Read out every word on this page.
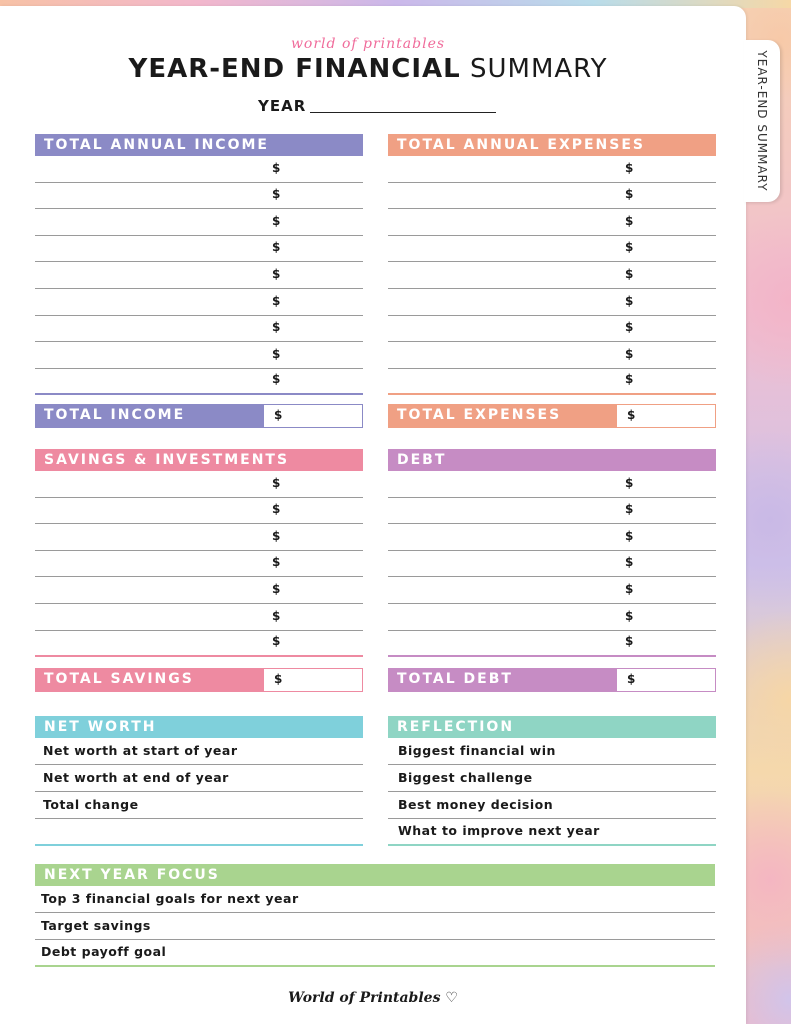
YEAR-END SUMMARY
world of printables
YEAR-END FINANCIAL SUMMARY
YEAR
TOTAL ANNUAL INCOME
$
$
$
$
$
$
$
$
$
TOTAL INCOME	$
TOTAL ANNUAL EXPENSES
$
$
$
$
$
$
$
$
$
TOTAL EXPENSES	$
SAVINGS & INVESTMENTS
$
$
$
$
$
$
$
TOTAL SAVINGS	$
DEBT
$
$
$
$
$
$
$
TOTAL DEBT	$
NET WORTH
Net worth at start of year
Net worth at end of year
Total change
REFLECTION
Biggest financial win
Biggest challenge
Best money decision
What to improve next year
NEXT YEAR FOCUS
Top 3 financial goals for next year
Target savings
Debt payoff goal
World of Printables ♡
